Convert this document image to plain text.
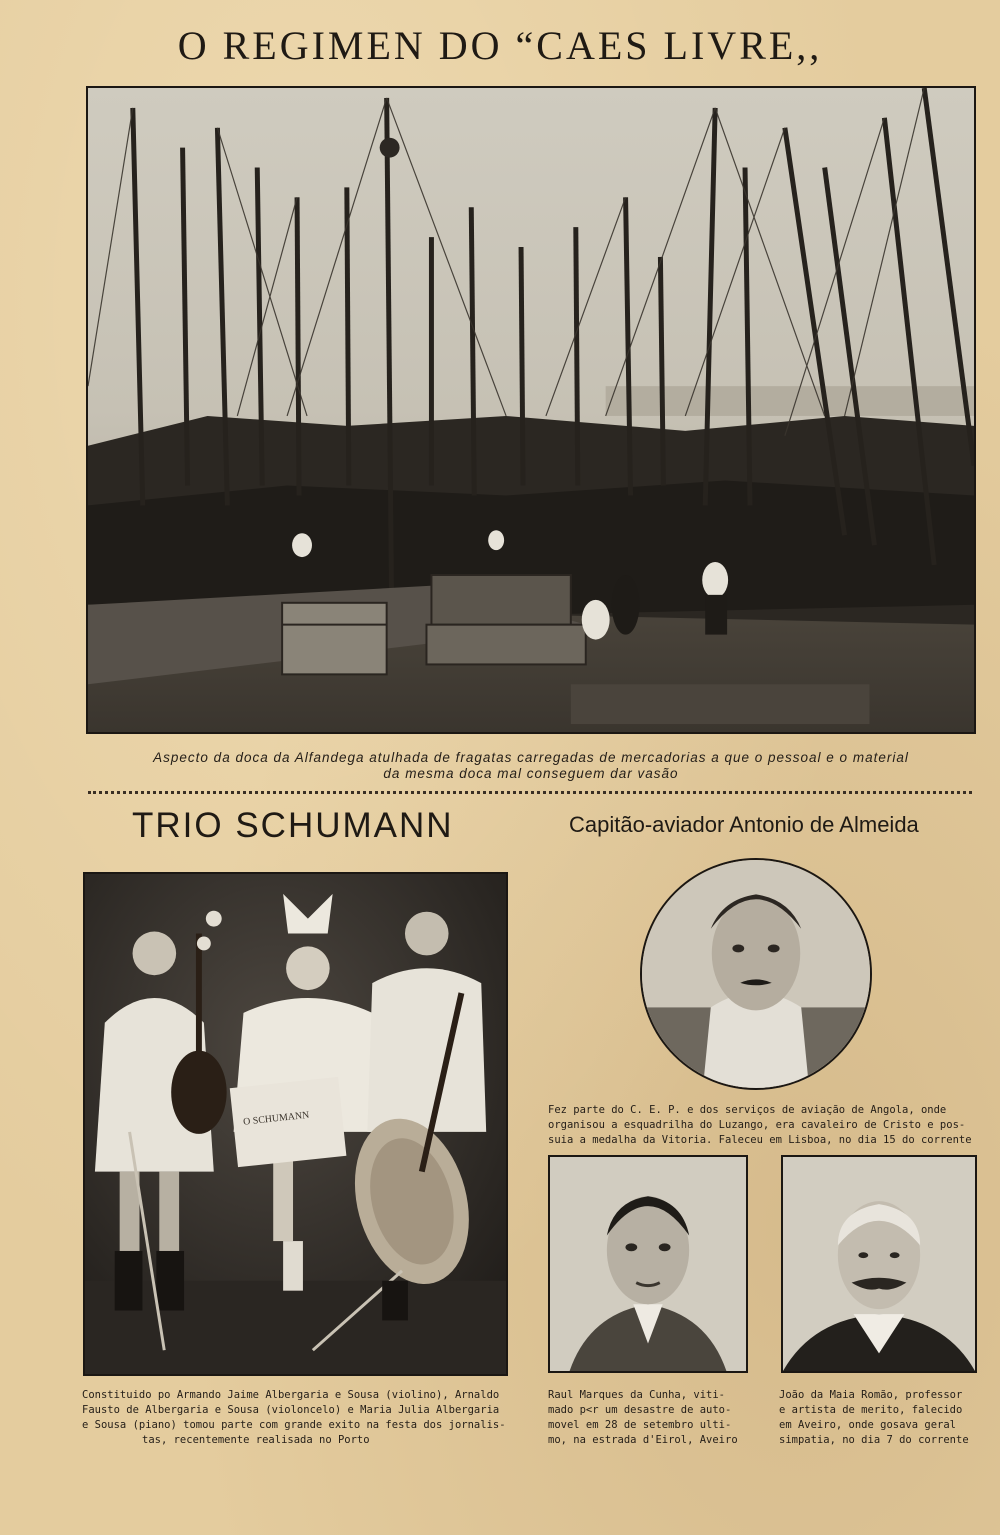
O REGIMEN DO “CAES LIVRE,,
Aspecto da doca da Alfandega atulhada de fragatas carregadas de mercadorias a que o pessoal e o material
da mesma doca mal conseguem dar vasão
TRIO SCHUMANN	Capitão-aviador Antonio de Almeida
O SCHUMANN
Constituido po Armando Jaime Albergaria e Sousa (violino), Arnaldo
Fausto de Albergaria e Sousa (violoncelo) e Maria Julia Albergaria
e Sousa (piano) tomou parte com grande exito na festa dos jornalis-
tas, recentemente realisada no Porto
Fez parte do C. E. P. e dos serviços de aviação de Angola, onde
organisou a esquadrilha do Luzango, era cavaleiro de Cristo e pos-
suia a medalha da Vitoria. Faleceu em Lisboa, no dia 15 do corrente
Raul Marques da Cunha, viti-
mado p<r um desastre de auto-
movel em 28 de setembro ulti-
mo, na estrada d'Eirol, Aveiro
João da Maia Romão, professor
e artista de merito, falecido
em Aveiro, onde gosava geral
simpatia, no dia 7 do corrente
